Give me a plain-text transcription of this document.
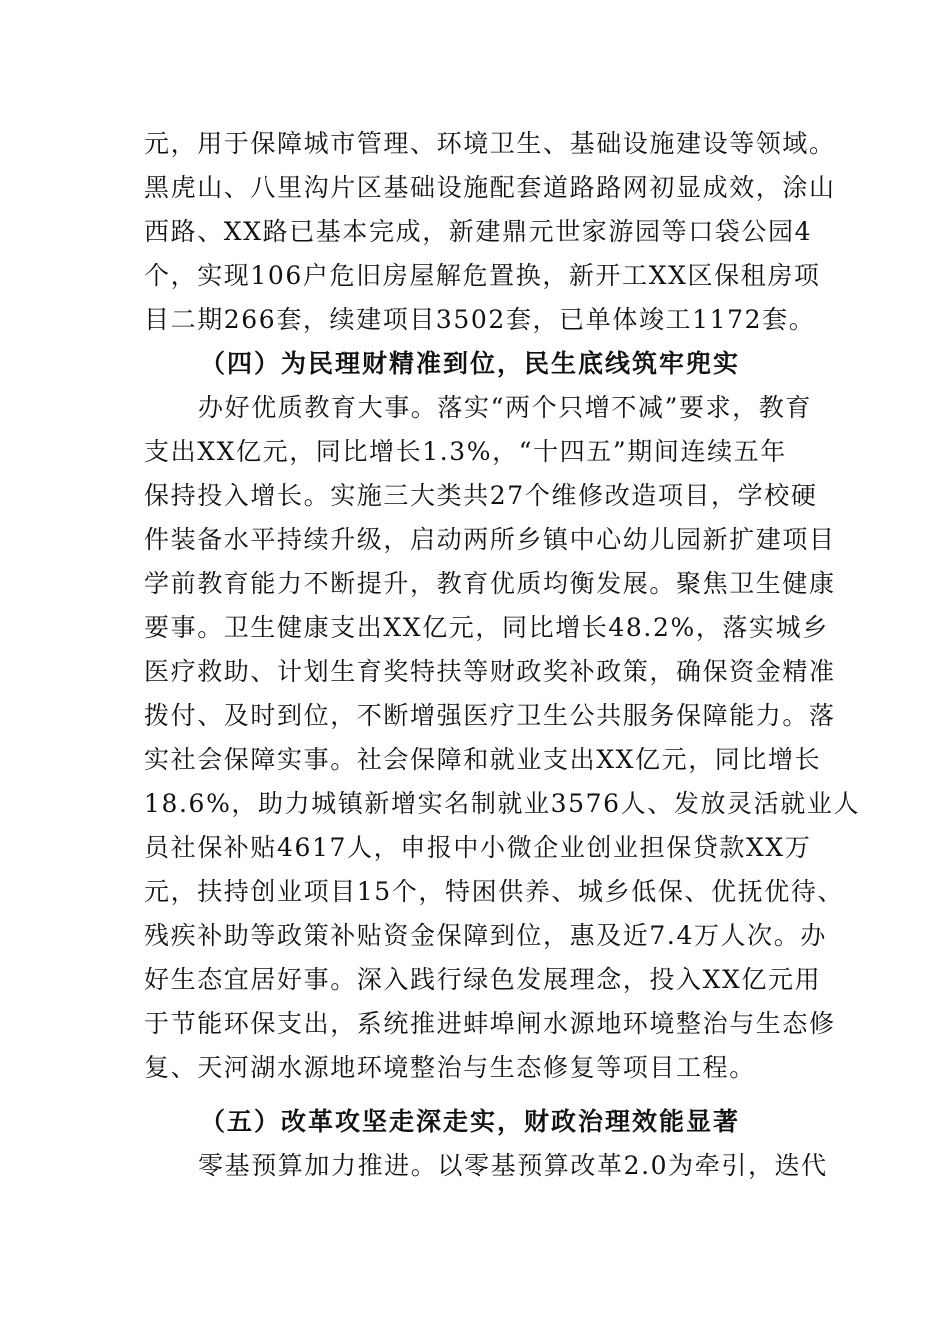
元，用于保障城市管理、环境卫生、基础设施建设等领域。
黑虎山、八里沟片区基础设施配套道路路网初显成效，涂山
西路、XX路已基本完成，新建鼎元世家游园等口袋公园4
个，实现106户危旧房屋解危置换，新开工XX区保租房项
目二期266套，续建项目3502套，已单体竣工1172套。
（四）为民理财精准到位，民生底线筑牢兜实
办好优质教育大事。落实“两个只增不减”要求，教育
支出XX亿元，同比增长1.3%，“十四五”期间连续五年
保持投入增长。实施三大类共27个维修改造项目，学校硬
件装备水平持续升级，启动两所乡镇中心幼儿园新扩建项目
学前教育能力不断提升，教育优质均衡发展。聚焦卫生健康
要事。卫生健康支出XX亿元，同比增长48.2%，落实城乡
医疗救助、计划生育奖特扶等财政奖补政策，确保资金精准
拨付、及时到位，不断增强医疗卫生公共服务保障能力。落
实社会保障实事。社会保障和就业支出XX亿元，同比增长
18.6%，助力城镇新增实名制就业3576人、发放灵活就业人
员社保补贴4617人，申报中小微企业创业担保贷款XX万
元，扶持创业项目15个，特困供养、城乡低保、优抚优待、
残疾补助等政策补贴资金保障到位，惠及近7.4万人次。办
好生态宜居好事。深入践行绿色发展理念，投入XX亿元用
于节能环保支出，系统推进蚌埠闸水源地环境整治与生态修
复、天河湖水源地环境整治与生态修复等项目工程。
（五）改革攻坚走深走实，财政治理效能显著
零基预算加力推进。以零基预算改革2.0为牵引，迭代
